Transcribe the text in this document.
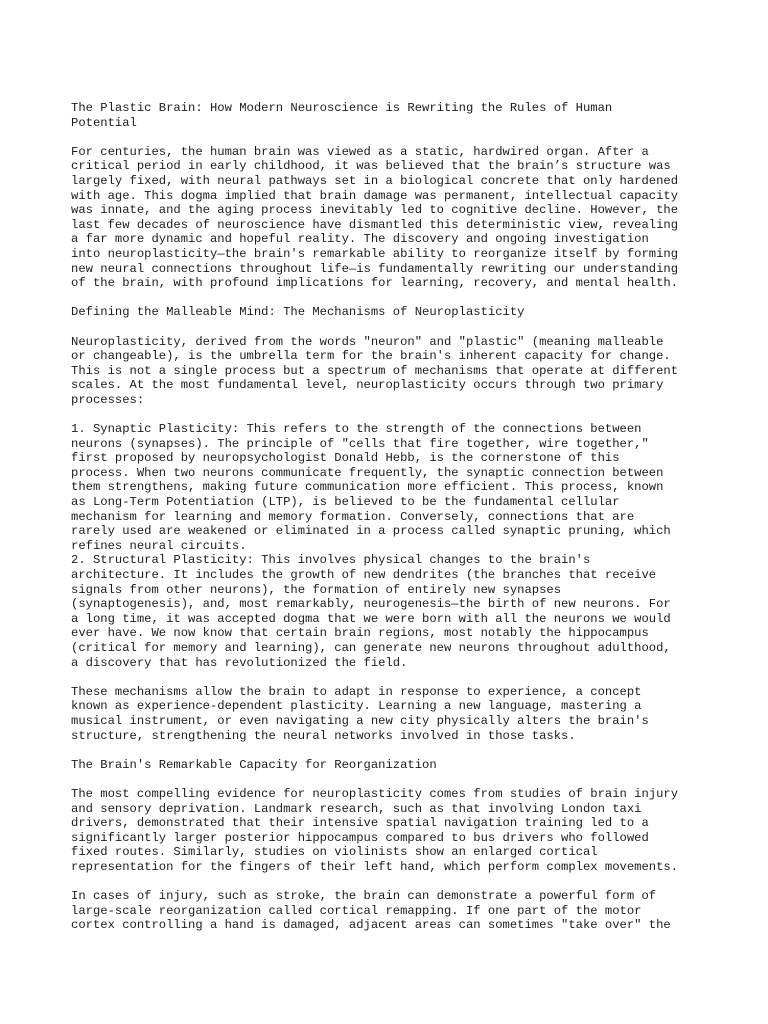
The Plastic Brain: How Modern Neuroscience is Rewriting the Rules of Human
Potential

For centuries, the human brain was viewed as a static, hardwired organ. After a
critical period in early childhood, it was believed that the brain’s structure was
largely fixed, with neural pathways set in a biological concrete that only hardened
with age. This dogma implied that brain damage was permanent, intellectual capacity
was innate, and the aging process inevitably led to cognitive decline. However, the
last few decades of neuroscience have dismantled this deterministic view, revealing
a far more dynamic and hopeful reality. The discovery and ongoing investigation
into neuroplasticity—the brain's remarkable ability to reorganize itself by forming
new neural connections throughout life—is fundamentally rewriting our understanding
of the brain, with profound implications for learning, recovery, and mental health.

Defining the Malleable Mind: The Mechanisms of Neuroplasticity

Neuroplasticity, derived from the words "neuron" and "plastic" (meaning malleable
or changeable), is the umbrella term for the brain's inherent capacity for change.
This is not a single process but a spectrum of mechanisms that operate at different
scales. At the most fundamental level, neuroplasticity occurs through two primary
processes:

1. Synaptic Plasticity: This refers to the strength of the connections between
neurons (synapses). The principle of "cells that fire together, wire together,"
first proposed by neuropsychologist Donald Hebb, is the cornerstone of this
process. When two neurons communicate frequently, the synaptic connection between
them strengthens, making future communication more efficient. This process, known
as Long-Term Potentiation (LTP), is believed to be the fundamental cellular
mechanism for learning and memory formation. Conversely, connections that are
rarely used are weakened or eliminated in a process called synaptic pruning, which
refines neural circuits.

2. Structural Plasticity: This involves physical changes to the brain's
architecture. It includes the growth of new dendrites (the branches that receive
signals from other neurons), the formation of entirely new synapses
(synaptogenesis), and, most remarkably, neurogenesis—the birth of new neurons. For
a long time, it was accepted dogma that we were born with all the neurons we would
ever have. We now know that certain brain regions, most notably the hippocampus
(critical for memory and learning), can generate new neurons throughout adulthood,
a discovery that has revolutionized the field.

These mechanisms allow the brain to adapt in response to experience, a concept
known as experience-dependent plasticity. Learning a new language, mastering a
musical instrument, or even navigating a new city physically alters the brain's
structure, strengthening the neural networks involved in those tasks.

The Brain's Remarkable Capacity for Reorganization

The most compelling evidence for neuroplasticity comes from studies of brain injury
and sensory deprivation. Landmark research, such as that involving London taxi
drivers, demonstrated that their intensive spatial navigation training led to a
significantly larger posterior hippocampus compared to bus drivers who followed
fixed routes. Similarly, studies on violinists show an enlarged cortical
representation for the fingers of their left hand, which perform complex movements.

In cases of injury, such as stroke, the brain can demonstrate a powerful form of
large-scale reorganization called cortical remapping. If one part of the motor
cortex controlling a hand is damaged, adjacent areas can sometimes "take over" the
